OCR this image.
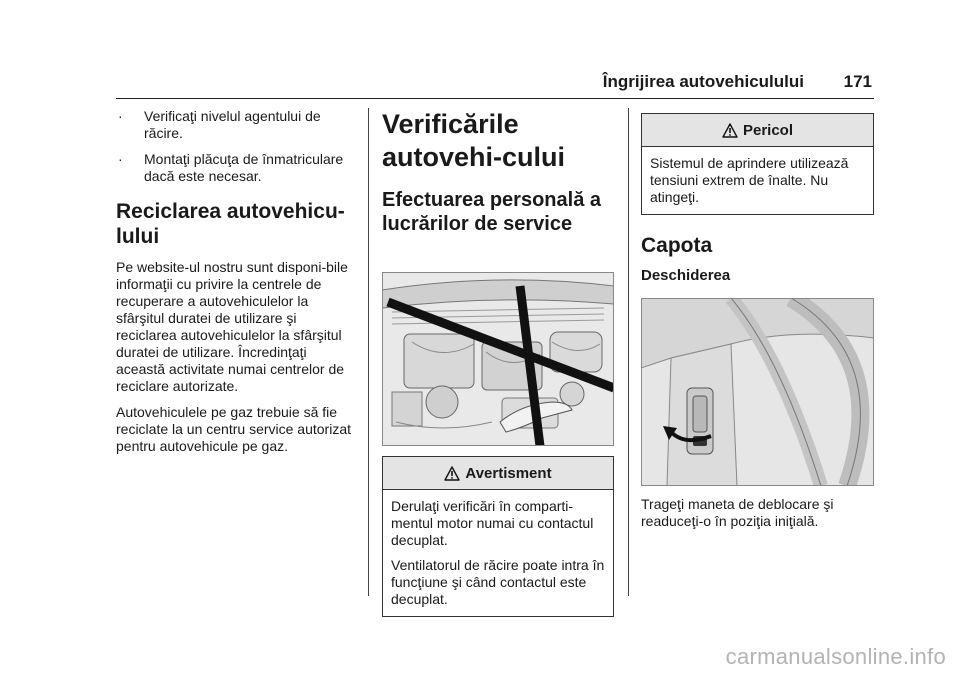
Îngrijirea autovehiculului 171
·	Verificaţi nivelul agentului de răcire.

·	Montaţi plăcuţa de înmatriculare dacă este necesar.

Reciclarea autovehicu-lului

Pe website-ul nostru sunt disponi-bile informaţii cu privire la centrele de recuperare a autovehiculelor la sfârşitul duratei de utilizare şi reciclarea autovehiculelor la sfârşitul duratei de utilizare. Încredinţaţi această activitate numai centrelor de reciclare autorizate.

Autovehiculele pe gaz trebuie să fie reciclate la un centru service autorizat pentru autovehicule pe gaz.

Verificările autovehi-cului
Efectuarea personală a lucrărilor de service
Avertisment

Derulaţi verificări în comparti-mentul motor numai cu contactul decuplat.

Ventilatorul de răcire poate intra în funcţiune şi când contactul este decuplat.

Pericol

Sistemul de aprindere utilizează tensiuni extrem de înalte. Nu atingeţi.

Capota
Deschiderea

Trageţi maneta de deblocare şi readuceţi-o în poziţia iniţială.

carmanualsonline.info
